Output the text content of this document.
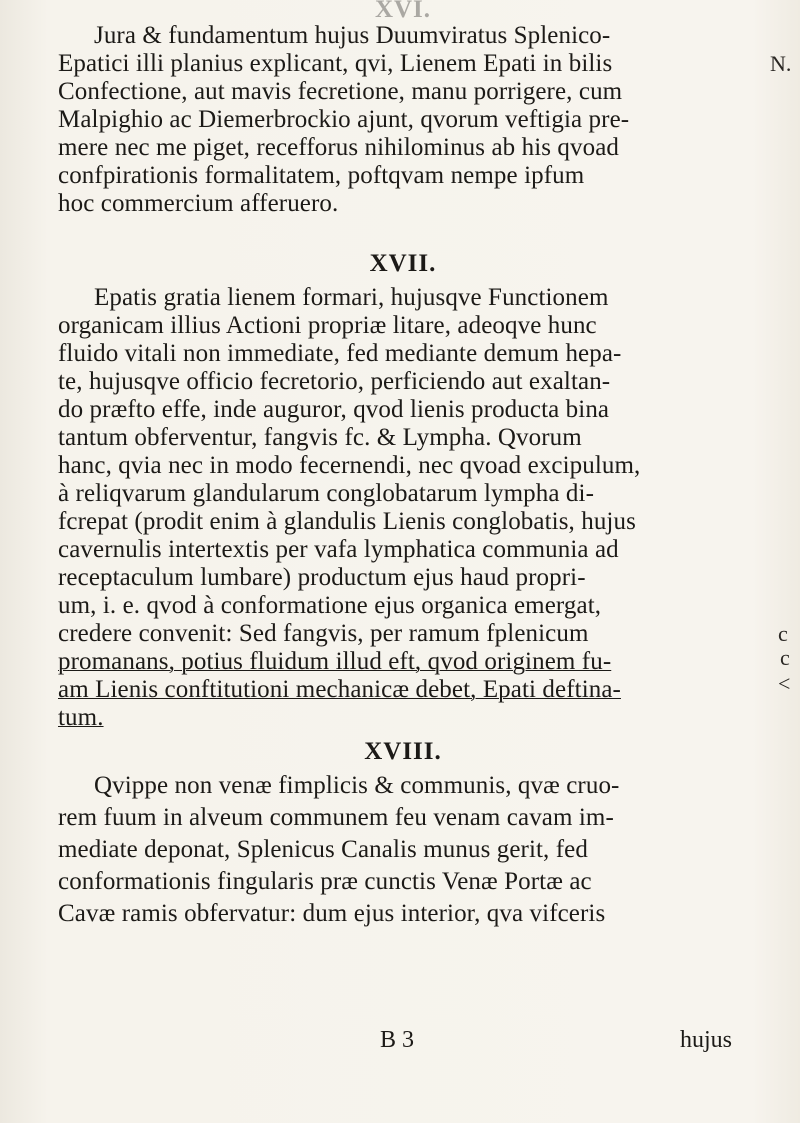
XVI.
Jura & fundamentum hujus Duumviratus Splenico-
Epatici illi planius explicant, qvi, Lienem Epati in bilis
Confectione, aut mavis fecretione, manu porrigere, cum
Malpighio ac Diemerbrockio ajunt, qvorum veftigia pre-
mere nec me piget, recefforus nihilominus ab his qvoad
confpirationis formalitatem, poftqvam nempe ipfum
hoc commercium afferuero.
XVII.
Epatis gratia lienem formari, hujusqve Functionem
organicam illius Actioni propriæ litare, adeoqve hunc
fluido vitali non immediate, fed mediante demum hepa-
te, hujusqve officio fecretorio, perficiendo aut exaltan-
do præfto effe, inde auguror, qvod lienis producta bina
tantum obferventur, fangvis fc. & Lympha. Qvorum
hanc, qvia nec in modo fecernendi, nec qvoad excipulum,
à reliqvarum glandularum conglobatarum lympha di-
fcrepat (prodit enim à glandulis Lienis conglobatis, hujus
cavernulis intertextis per vafa lymphatica communia ad
receptaculum lumbare) productum ejus haud propri-
um, i. e. qvod à conformatione ejus organica emergat,
credere convenit: Sed fangvis, per ramum fplenicum
promanans, potius fluidum illud eft, qvod originem fu-
am Lienis conftitutioni mechanicæ debet, Epati deftina-
tum.
XVIII.
Qvippe non venæ fimplicis & communis, qvæ cruo-
rem fuum in alveum communem feu venam cavam im-
mediate deponat, Splenicus Canalis munus gerit, fed
conformationis fingularis præ cunctis Venæ Portæ ac
Cavæ ramis obfervatur: dum ejus interior, qva vifceris
B 3	hujus
N.
c
c
<
